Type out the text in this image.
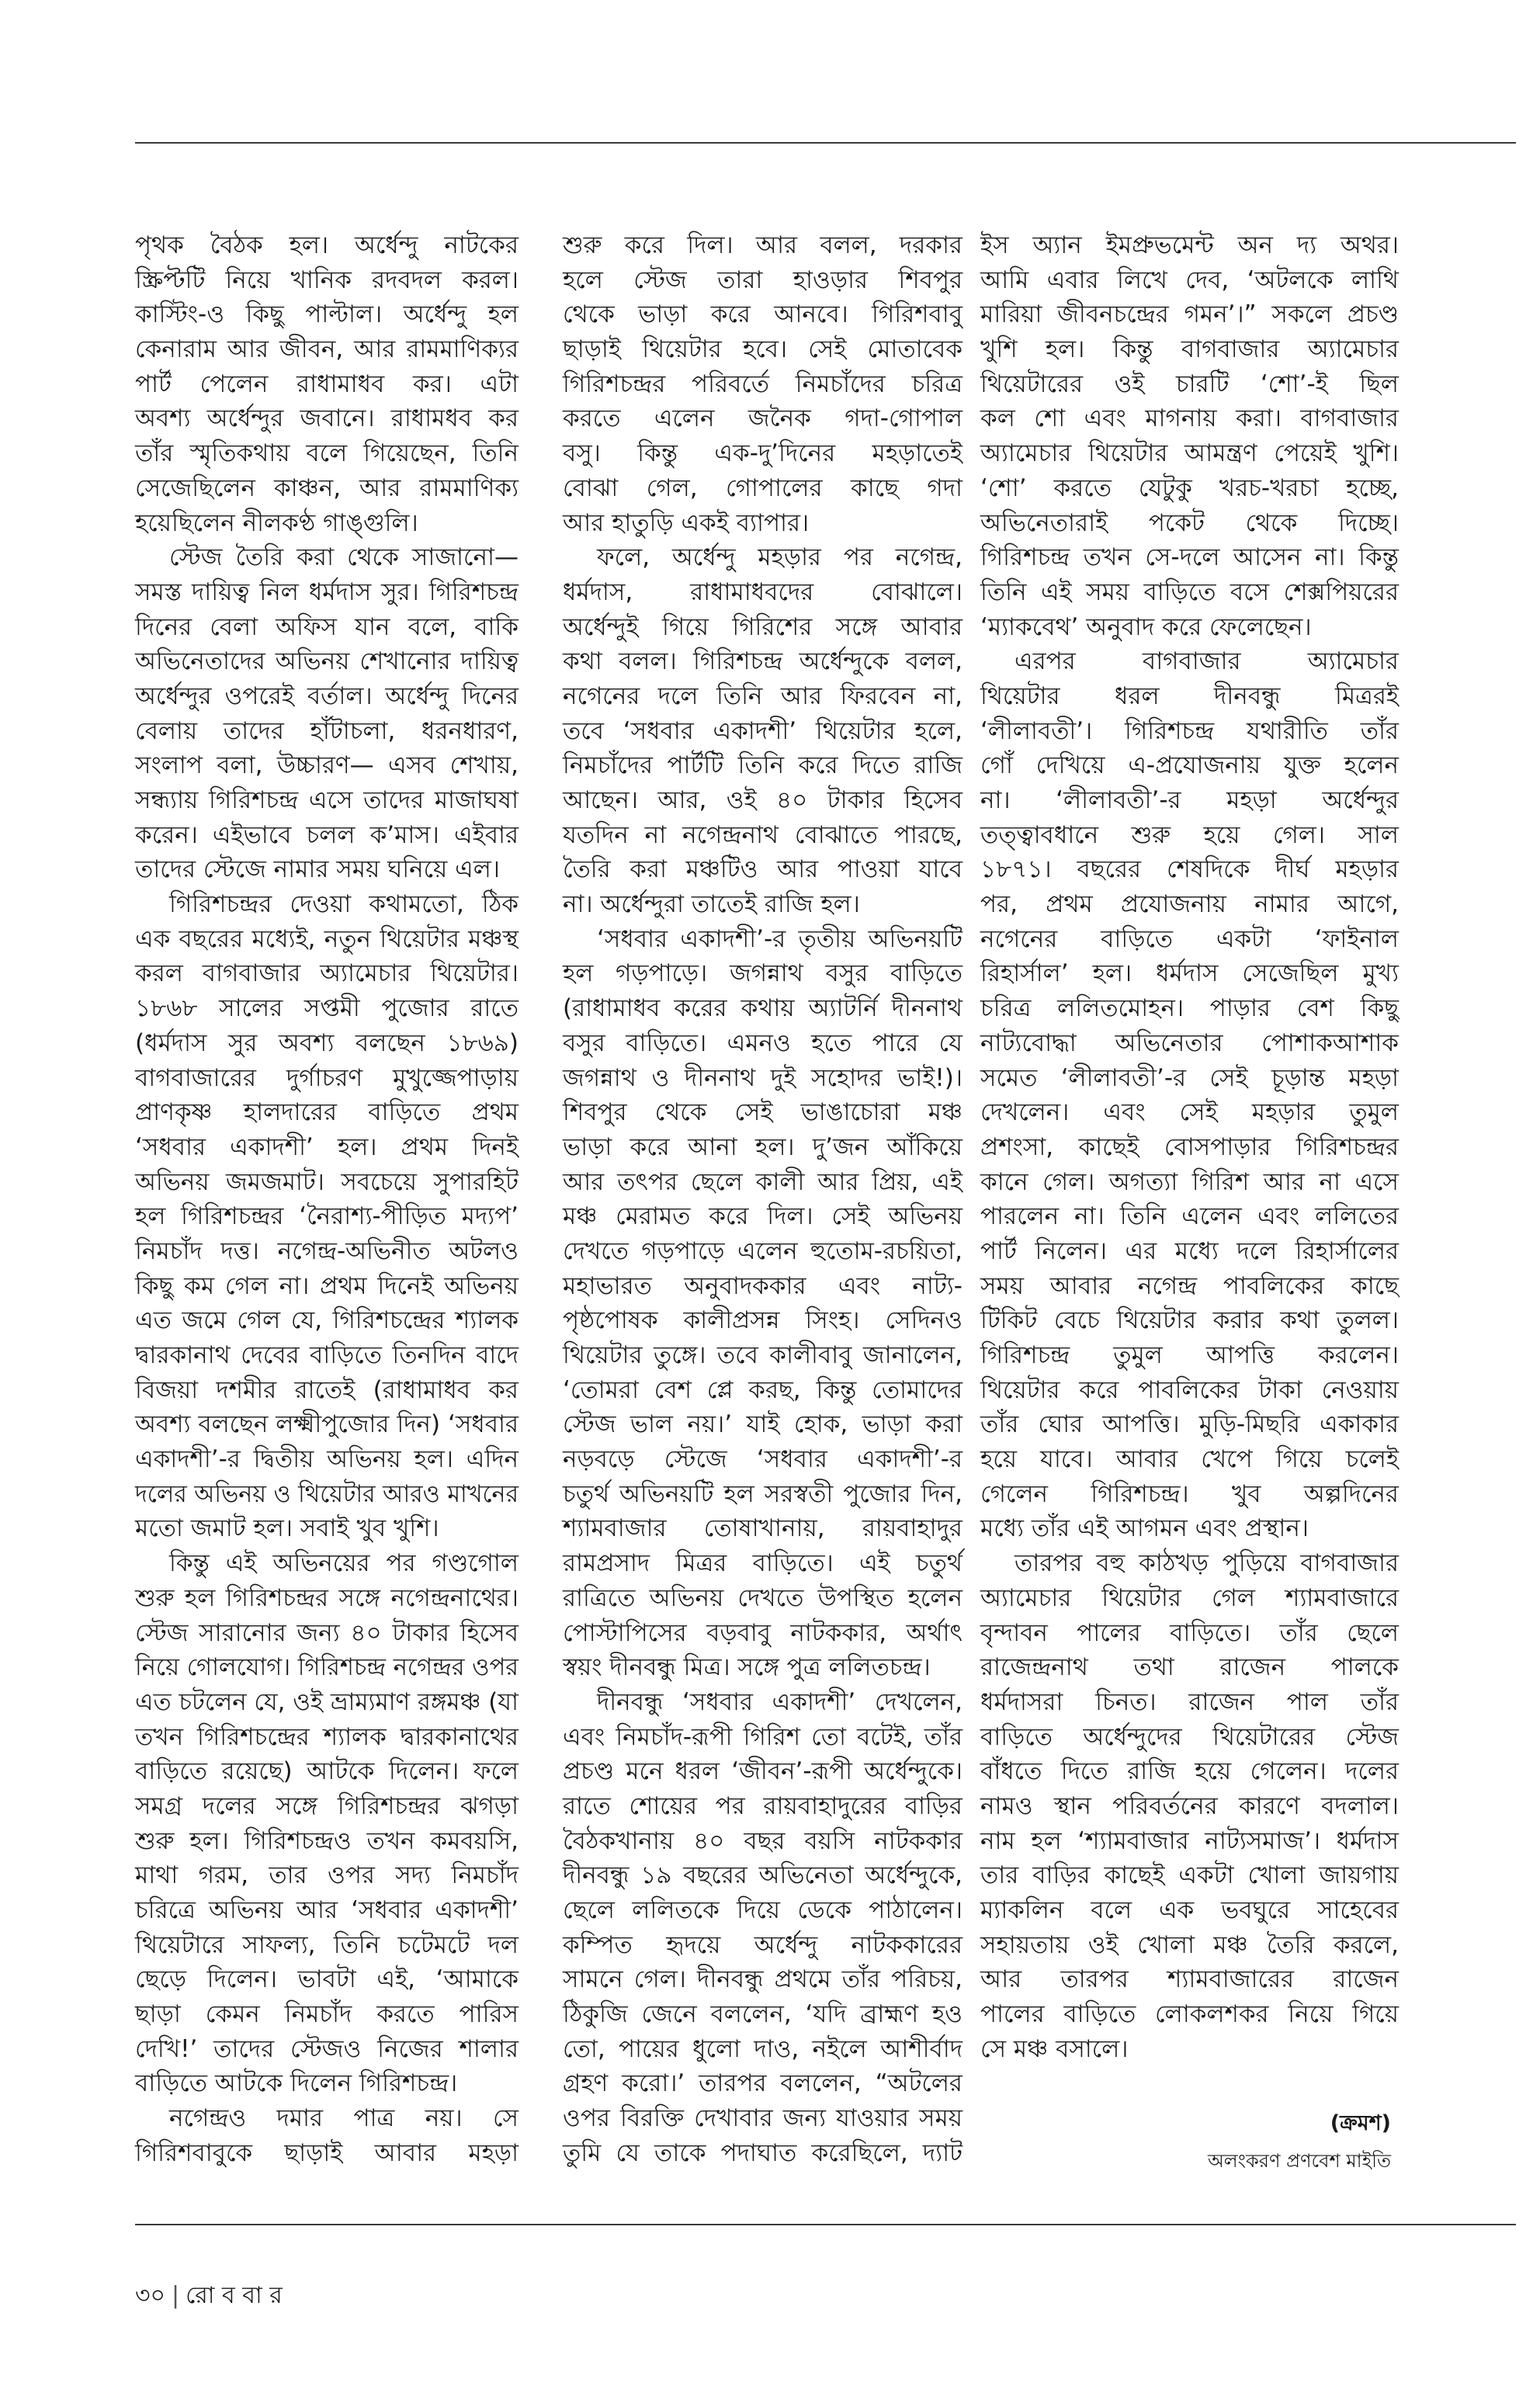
পৃথক বৈঠক হল। অর্ধেন্দু নাটকের
স্ক্রিপ্টটি নিয়ে খানিক রদবদল করল।
কাস্টিং-ও কিছু পাল্টাল। অর্ধেন্দু হল
কেনারাম আর জীবন, আর রামমাণিক্যর
পার্ট পেলেন রাধামাধব কর। এটা
অবশ্য অর্ধেন্দুর জবানে। রাধামধব কর
তাঁর স্মৃতিকথায় বলে গিয়েছেন, তিনি
সেজেছিলেন কাঞ্চন, আর রামমাণিক্য
হয়েছিলেন নীলকণ্ঠ গাঙ্গুলি।
স্টেজ তৈরি করা থেকে সাজানো—
সমস্ত দায়িত্ব নিল ধর্মদাস সুর। গিরিশচন্দ্র
দিনের বেলা অফিস যান বলে, বাকি
অভিনেতাদের অভিনয় শেখানোর দায়িত্ব
অর্ধেন্দুর ওপরেই বর্তাল। অর্ধেন্দু দিনের
বেলায় তাদের হাঁটাচলা, ধরনধারণ,
সংলাপ বলা, উচ্চারণ— এসব শেখায়,
সন্ধ্যায় গিরিশচন্দ্র এসে তাদের মাজাঘষা
করেন। এইভাবে চলল ক’মাস। এইবার
তাদের স্টেজে নামার সময় ঘনিয়ে এল।
গিরিশচন্দ্রর দেওয়া কথামতো, ঠিক
এক বছরের মধ্যেই, নতুন থিয়েটার মঞ্চস্থ
করল বাগবাজার অ্যামেচার থিয়েটার।
১৮৬৮ সালের সপ্তমী পুজোর রাতে
(ধর্মদাস সুর অবশ্য বলছেন ১৮৬৯)
বাগবাজারের দুর্গাচরণ মুখুজ্জেপাড়ায়
প্রাণকৃষ্ণ হালদারের বাড়িতে প্রথম
‘সধবার একাদশী’ হল। প্রথম দিনই
অভিনয় জমজমাট। সবচেয়ে সুপারহিট
হল গিরিশচন্দ্রর ‘নৈরাশ্য-পীড়িত মদ্যপ’
নিমচাঁদ দত্ত। নগেন্দ্র-অভিনীত অটলও
কিছু কম গেল না। প্রথম দিনেই অভিনয়
এত জমে গেল যে, গিরিশচন্দ্রের শ্যালক
দ্বারকানাথ দেবের বাড়িতে তিনদিন বাদে
বিজয়া দশমীর রাতেই (রাধামাধব কর
অবশ্য বলছেন লক্ষ্মীপুজোর দিন) ‘সধবার
একাদশী’-র দ্বিতীয় অভিনয় হল। এদিন
দলের অভিনয় ও থিয়েটার আরও মাখনের
মতো জমাট হল। সবাই খুব খুশি।
কিন্তু এই অভিনয়ের পর গণ্ডগোল
শুরু হল গিরিশচন্দ্রর সঙ্গে নগেন্দ্রনাথের।
স্টেজ সারানোর জন্য ৪০ টাকার হিসেব
নিয়ে গোলযোগ। গিরিশচন্দ্র নগেন্দ্রর ওপর
এত চটলেন যে, ওই ভ্রাম্যমাণ রঙ্গমঞ্চ (যা
তখন গিরিশচন্দ্রের শ্যালক দ্বারকানাথের
বাড়িতে রয়েছে) আটকে দিলেন। ফলে
সমগ্র দলের সঙ্গে গিরিশচন্দ্রর ঝগড়া
শুরু হল। গিরিশচন্দ্রও তখন কমবয়সি,
মাথা গরম, তার ওপর সদ্য নিমচাঁদ
চরিত্রে অভিনয় আর ‘সধবার একাদশী’
থিয়েটারে সাফল্য, তিনি চটেমটে দল
ছেড়ে দিলেন। ভাবটা এই, ‘আমাকে
ছাড়া কেমন নিমচাঁদ করতে পারিস
দেখি!’ তাদের স্টেজও নিজের শালার
বাড়িতে আটকে দিলেন গিরিশচন্দ্র।
নগেন্দ্রও দমার পাত্র নয়। সে
গিরিশবাবুকে ছাড়াই আবার মহড়া
শুরু করে দিল। আর বলল, দরকার
হলে স্টেজ তারা হাওড়ার শিবপুর
থেকে ভাড়া করে আনবে। গিরিশবাবু
ছাড়াই থিয়েটার হবে। সেই মোতাবেক
গিরিশচন্দ্রর পরিবর্তে নিমচাঁদের চরিত্র
করতে এলেন জনৈক গদা-গোপাল
বসু। কিন্তু এক-দু’দিনের মহড়াতেই
বোঝা গেল, গোপালের কাছে গদা
আর হাতুড়ি একই ব্যাপার।
ফলে, অর্ধেন্দু মহড়ার পর নগেন্দ্র,
ধর্মদাস, রাধামাধবদের বোঝালে।
অর্ধেন্দুই গিয়ে গিরিশের সঙ্গে আবার
কথা বলল। গিরিশচন্দ্র অর্ধেন্দুকে বলল,
নগেনের দলে তিনি আর ফিরবেন না,
তবে ‘সধবার একাদশী’ থিয়েটার হলে,
নিমচাঁদের পার্টটি তিনি করে দিতে রাজি
আছেন। আর, ওই ৪০ টাকার হিসেব
যতদিন না নগেন্দ্রনাথ বোঝাতে পারছে,
তৈরি করা মঞ্চটিও আর পাওয়া যাবে
না। অর্ধেন্দুরা তাতেই রাজি হল।
‘সধবার একাদশী’-র তৃতীয় অভিনয়টি
হল গড়পাড়ে। জগন্নাথ বসুর বাড়িতে
(রাধামাধব করের কথায় অ্যাটর্নি দীননাথ
বসুর বাড়িতে। এমনও হতে পারে যে
জগন্নাথ ও দীননাথ দুই সহোদর ভাই!)।
শিবপুর থেকে সেই ভাঙাচোরা মঞ্চ
ভাড়া করে আনা হল। দু’জন আঁকিয়ে
আর তৎপর ছেলে কালী আর প্রিয়, এই
মঞ্চ মেরামত করে দিল। সেই অভিনয়
দেখতে গড়পাড়ে এলেন হুতোম-রচয়িতা,
মহাভারত অনুবাদককার এবং নাট্য-
পৃষ্ঠপোষক কালীপ্রসন্ন সিংহ। সেদিনও
থিয়েটার তুঙ্গে। তবে কালীবাবু জানালেন,
‘তোমরা বেশ প্লে করছ, কিন্তু তোমাদের
স্টেজ ভাল নয়।’ যাই হোক, ভাড়া করা
নড়বড়ে স্টেজে ‘সধবার একাদশী’-র
চতুর্থ অভিনয়টি হল সরস্বতী পুজোর দিন,
শ্যামবাজার তোষাখানায়, রায়বাহাদুর
রামপ্রসাদ মিত্রর বাড়িতে। এই চতুর্থ
রাত্রিতে অভিনয় দেখতে উপস্থিত হলেন
পোস্টাপিসের বড়বাবু নাটককার, অর্থাৎ
স্বয়ং দীনবন্ধু মিত্র। সঙ্গে পুত্র ললিতচন্দ্র।
দীনবন্ধু ‘সধবার একাদশী’ দেখলেন,
এবং নিমচাঁদ-রূপী গিরিশ তো বটেই, তাঁর
প্রচণ্ড মনে ধরল ‘জীবন’-রূপী অর্ধেন্দুকে।
রাতে শোয়ের পর রায়বাহাদুরের বাড়ির
বৈঠকখানায় ৪০ বছর বয়সি নাটককার
দীনবন্ধু ১৯ বছরের অভিনেতা অর্ধেন্দুকে,
ছেলে ললিতকে দিয়ে ডেকে পাঠালেন।
কম্পিত হৃদয়ে অর্ধেন্দু নাটককারের
সামনে গেল। দীনবন্ধু প্রথমে তাঁর পরিচয়,
ঠিকুজি জেনে বললেন, ‘যদি ব্রাহ্মণ হও
তো, পায়ের ধুলো দাও, নইলে আশীর্বাদ
গ্রহণ করো।’ তারপর বললেন, “অটলের
ওপর বিরক্তি দেখাবার জন্য যাওয়ার সময়
তুমি যে তাকে পদাঘাত করেছিলে, দ্যাট
ইস অ্যান ইমপ্রুভমেন্ট অন দ্য অথর।
আমি এবার লিখে দেব, ‘অটলকে লাথি
মারিয়া জীবনচন্দ্রের গমন’।” সকলে প্রচণ্ড
খুশি হল। কিন্তু বাগবাজার অ্যামেচার
থিয়েটারের ওই চারটি ‘শো’-ই ছিল
কল শো এবং মাগনায় করা। বাগবাজার
অ্যামেচার থিয়েটার আমন্ত্রণ পেয়েই খুশি।
‘শো’ করতে যেটুকু খরচ-খরচা হচ্ছে,
অভিনেতারাই পকেট থেকে দিচ্ছে।
গিরিশচন্দ্র তখন সে-দলে আসেন না। কিন্তু
তিনি এই সময় বাড়িতে বসে শেক্সপিয়রের
‘ম্যাকবেথ’ অনুবাদ করে ফেলেছেন।
এরপর বাগবাজার অ্যামেচার
থিয়েটার ধরল দীনবন্ধু মিত্ররই
‘লীলাবতী’। গিরিশচন্দ্র যথারীতি তাঁর
গোঁ দেখিয়ে এ-প্রযোজনায় যুক্ত হলেন
না। ‘লীলাবতী’-র মহড়া অর্ধেন্দুর
তত্ত্বাবধানে শুরু হয়ে গেল। সাল
১৮৭১। বছরের শেষদিকে দীর্ঘ মহড়ার
পর, প্রথম প্রযোজনায় নামার আগে,
নগেনের বাড়িতে একটা ‘ফাইনাল
রিহার্সাল’ হল। ধর্মদাস সেজেছিল মুখ্য
চরিত্র ললিতমোহন। পাড়ার বেশ কিছু
নাট্যবোদ্ধা অভিনেতার পোশাকআশাক
সমেত ‘লীলাবতী’-র সেই চূড়ান্ত মহড়া
দেখলেন। এবং সেই মহড়ার তুমুল
প্রশংসা, কাছেই বোসপাড়ার গিরিশচন্দ্রর
কানে গেল। অগত্যা গিরিশ আর না এসে
পারলেন না। তিনি এলেন এবং ললিতের
পার্ট নিলেন। এর মধ্যে দলে রিহার্সালের
সময় আবার নগেন্দ্র পাবলিকের কাছে
টিকিট বেচে থিয়েটার করার কথা তুলল।
গিরিশচন্দ্র তুমুল আপত্তি করলেন।
থিয়েটার করে পাবলিকের টাকা নেওয়ায়
তাঁর ঘোর আপত্তি। মুড়ি-মিছরি একাকার
হয়ে যাবে। আবার খেপে গিয়ে চলেই
গেলেন গিরিশচন্দ্র। খুব অল্পদিনের
মধ্যে তাঁর এই আগমন এবং প্রস্থান।
তারপর বহু কাঠখড় পুড়িয়ে বাগবাজার
অ্যামেচার থিয়েটার গেল শ্যামবাজারে
বৃন্দাবন পালের বাড়িতে। তাঁর ছেলে
রাজেন্দ্রনাথ তথা রাজেন পালকে
ধর্মদাসরা চিনত। রাজেন পাল তাঁর
বাড়িতে অর্ধেন্দুদের থিয়েটারের স্টেজ
বাঁধতে দিতে রাজি হয়ে গেলেন। দলের
নামও স্থান পরিবর্তনের কারণে বদলাল।
নাম হল ‘শ্যামবাজার নাট্যসমাজ’। ধর্মদাস
তার বাড়ির কাছেই একটা খোলা জায়গায়
ম্যাকলিন বলে এক ভবঘুরে সাহেবের
সহায়তায় ওই খোলা মঞ্চ তৈরি করলে,
আর তারপর শ্যামবাজারের রাজেন
পালের বাড়িতে লোকলশকর নিয়ে গিয়ে
সে মঞ্চ বসালে।
(ক্রমশ)
অলংকরণ প্রণবেশ মাইতি
৩০ | রো ব বা র
